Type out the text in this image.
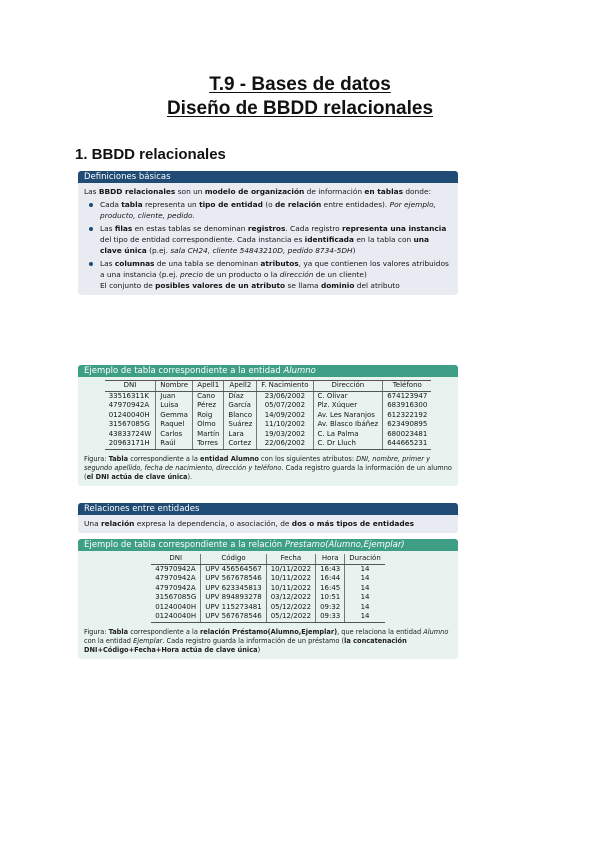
T.9 - Bases de datos
Diseño de BBDD relacionales
1. BBDD relacionales
Definiciones básicas
Las BBDD relacionales son un modelo de organización de información en tablas donde:
Cada tabla representa un tipo de entidad (o de relación entre entidades). Por ejemplo, producto, cliente, pedido.
Las filas en estas tablas se denominan registros. Cada registro representa una instancia del tipo de entidad correspondiente. Cada instancia es identificada en la tabla con una clave única (p.ej. sala CH24, cliente 54843210D, pedido 8734-5DH)
Las columnas de una tabla se denominan atributos, ya que contienen los valores atribuidos a una instancia (p.ej. precio de un producto o la dirección de un cliente)
El conjunto de posibles valores de un atributo se llama dominio del atributo
Ejemplo de tabla correspondiente a la entidad Alumno
DNI	Nombre	Apell1	Apell2	F. Nacimiento	Dirección	Teléfono
33516311K	Juan	Cano	Díaz	23/06/2002	C. Olivar	674123947
47970942A	Luisa	Pérez	García	05/07/2002	Plz. Xúquer	683916300
01240040H	Gemma	Roig	Blanco	14/09/2002	Av. Les Naranjos	612322192
31567085G	Raquel	Olmo	Suárez	11/10/2002	Av. Blasco Ibáñez	623490895
43833724W	Carlos	Martín	Lara	19/03/2002	C. La Palma	680023481
20963171H	Raúl	Torres	Cortez	22/06/2002	C. Dr Lluch	644665231
Figura: Tabla correspondiente a la entidad Alumno con los siguientes atributos: DNI, nombre, primer y segundo apellido, fecha de nacimiento, dirección y teléfono. Cada registro guarda la información de un alumno (el DNI actúa de clave única).
Relaciones entre entidades
Una relación expresa la dependencia, o asociación, de dos o más tipos de entidades
Ejemplo de tabla correspondiente a la relación Prestamo(Alumno,Ejemplar)
DNI	Código	Fecha	Hora	Duración
47970942A	UPV 456564567	10/11/2022	16:43	14
47970942A	UPV 567678546	10/11/2022	16:44	14
47970942A	UPV 623345813	10/11/2022	16:45	14
31567085G	UPV 894893278	03/12/2022	10:51	14
01240040H	UPV 115273481	05/12/2022	09:32	14
01240040H	UPV 567678546	05/12/2022	09:33	14
Figura: Tabla correspondiente a la relación Préstamo(Alumno,Ejemplar), que relaciona la entidad Alumno con la entidad Ejemplar. Cada registro guarda la información de un préstamo (la concatenación DNI+Código+Fecha+Hora actúa de clave única)
